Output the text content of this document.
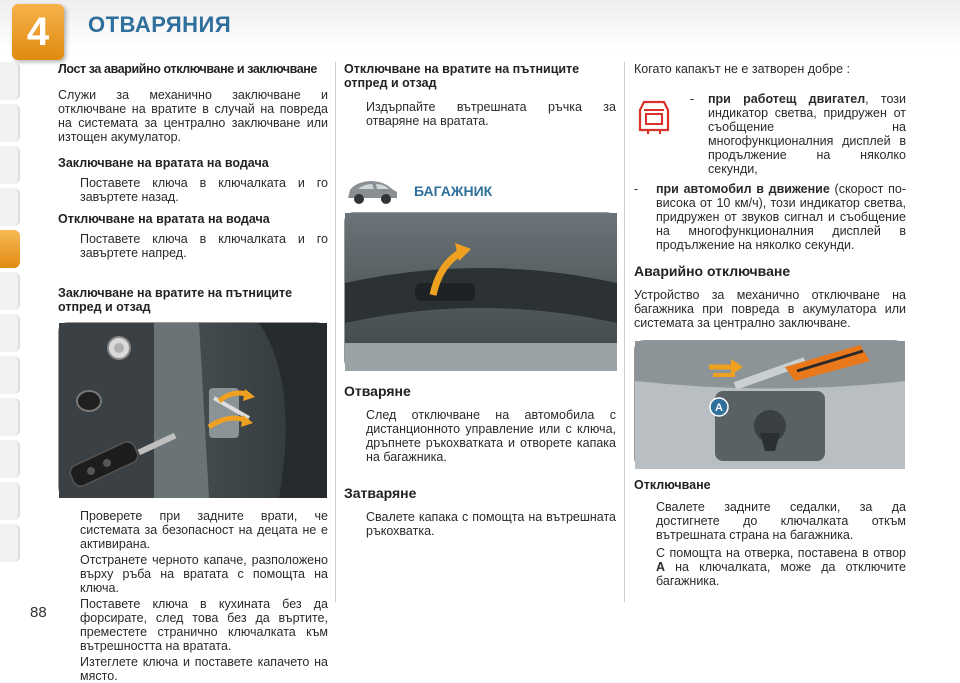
4	ОТВАРЯНИЯ
88
Лост за аварийно отключване и заключване

Служи за механично заключване и отключване на вратите в случай на повреда на системата за централно заключване или изтощен акумулатор.

Заключване на вратата на водача
Поставете ключа в ключалката и го завъртете назад.
Отключване на вратата на водача
Поставете ключа в ключалката и го завъртете напред.
Заключване на вратите на пътниците отпред и отзад
Проверете при задните врати, че системата за безопасност на децата не е активирана.
Отстранете черното капаче, разположено върху ръба на вратата с помощта на ключа.
Поставете ключа в кухината без да форсирате, след това без да въртите, преместете странично ключалката към вътрешността на вратата.
Изтеглете ключа и поставете капачето на място.
Отключване на вратите на пътниците отпред и отзад
Издърпайте вътрешната ръчка за отваряне на вратата.
БАГАЖНИК
Отваряне
След отключване на автомобила с дистанционното управление или с ключа, дръпнете ръкохватката и отворете капака на багажника.
Затваряне
Свалете капака с помощта на вътрешната ръкохватка.

Когато капакът не е затворен добре :

- при работещ двигател, този индикатор светва, придружен от съобщение на многофункционалния дисплей в продължение на няколко секунди,
- при автомобил в движение (скорост по-висока от 10 км/ч), този индикатор светва, придружен от звуков сигнал и съобщение на многофункционалния дисплей в продължение на няколко секунди.
Аварийно отключване

Устройство за механично отключване на багажника при повреда в акумулатора или системата за централно заключване.

A
Отключване
Свалете задните седалки, за да достигнете до ключалката откъм вътрешната страна на багажника.
С помощта на отверка, поставена в отвор A на ключалката, може да отключите багажника.
